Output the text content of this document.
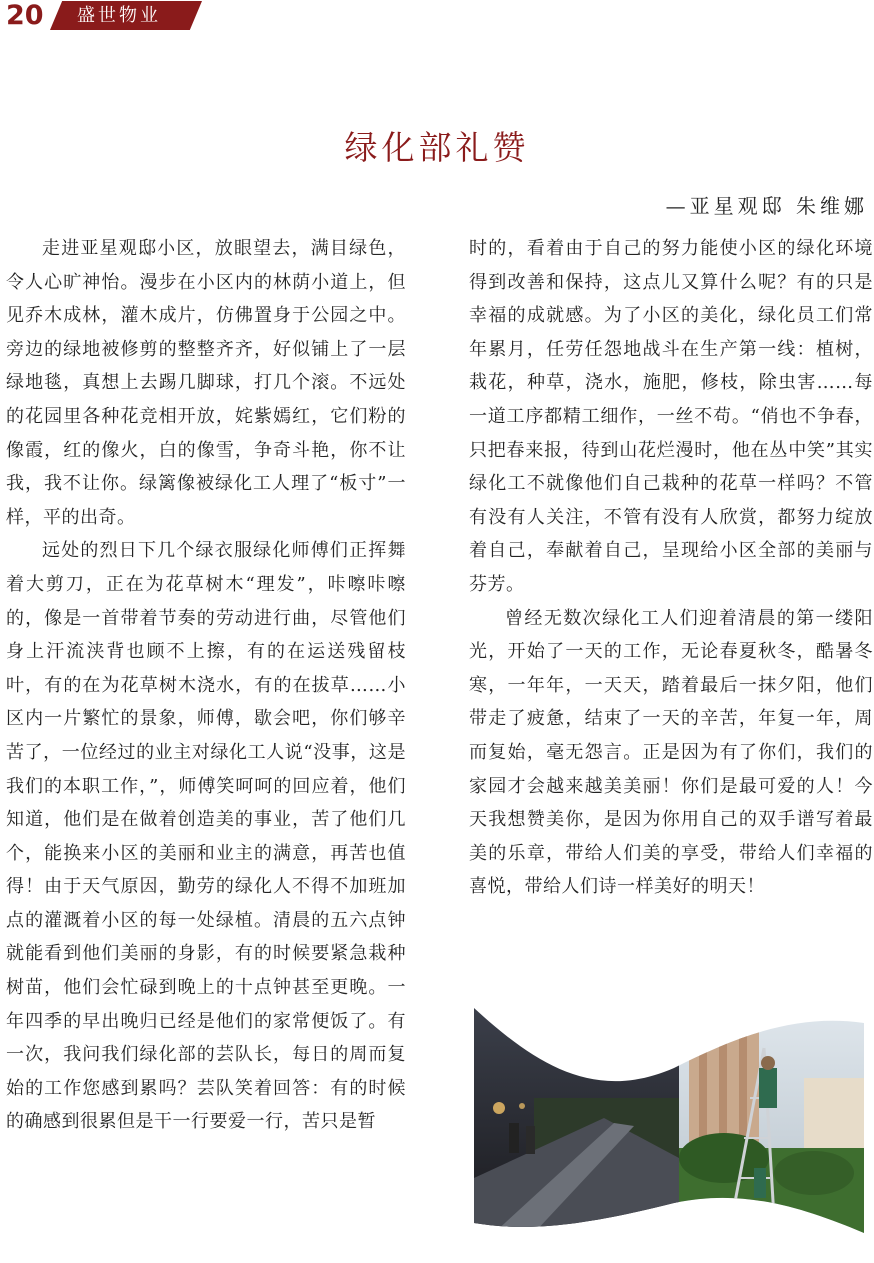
20 盛世物业
绿化部礼赞
—亚星观邸 朱维娜

走进亚星观邸小区，放眼望去，满目绿色，令人心旷神怡。漫步在小区内的林荫小道上，但见乔木成林，灌木成片，仿佛置身于公园之中。旁边的绿地被修剪的整整齐齐，好似铺上了一层绿地毯，真想上去踢几脚球，打几个滚。不远处的花园里各种花竞相开放，姹紫嫣红，它们粉的像霞，红的像火，白的像雪，争奇斗艳，你不让我，我不让你。绿篱像被绿化工人理了“板寸”一样，平的出奇。

远处的烈日下几个绿衣服绿化师傅们正挥舞着大剪刀，正在为花草树木“理发”，咔嚓咔嚓的，像是一首带着节奏的劳动进行曲，尽管他们身上汗流浃背也顾不上擦，有的在运送残留枝叶，有的在为花草树木浇水，有的在拔草……小区内一片繁忙的景象，师傅，歇会吧，你们够辛苦了，一位经过的业主对绿化工人说“没事，这是我们的本职工作，”，师傅笑呵呵的回应着，他们知道，他们是在做着创造美的事业，苦了他们几个，能换来小区的美丽和业主的满意，再苦也值得！由于天气原因，勤劳的绿化人不得不加班加点的灌溉着小区的每一处绿植。清晨的五六点钟就能看到他们美丽的身影，有的时候要紧急栽种树苗，他们会忙碌到晚上的十点钟甚至更晚。一年四季的早出晚归已经是他们的家常便饭了。有一次，我问我们绿化部的芸队长，每日的周而复始的工作您感到累吗？芸队笑着回答：有的时候的确感到很累但是干一行要爱一行，苦只是暂

时的，看着由于自己的努力能使小区的绿化环境得到改善和保持，这点儿又算什么呢？有的只是幸福的成就感。为了小区的美化，绿化员工们常年累月，任劳任怨地战斗在生产第一线：植树，栽花，种草，浇水，施肥，修枝，除虫害……每一道工序都精工细作，一丝不苟。“俏也不争春，只把春来报，待到山花烂漫时，他在丛中笑”其实绿化工不就像他们自己栽种的花草一样吗？不管有没有人关注，不管有没有人欣赏，都努力绽放着自己，奉献着自己，呈现给小区全部的美丽与芬芳。

曾经无数次绿化工人们迎着清晨的第一缕阳光，开始了一天的工作，无论春夏秋冬，酷暑冬寒，一年年，一天天，踏着最后一抹夕阳，他们带走了疲惫，结束了一天的辛苦，年复一年，周而复始，毫无怨言。正是因为有了你们，我们的家园才会越来越美美丽！你们是最可爱的人！今天我想赞美你，是因为你用自己的双手谱写着最美的乐章，带给人们美的享受，带给人们幸福的喜悦，带给人们诗一样美好的明天！
